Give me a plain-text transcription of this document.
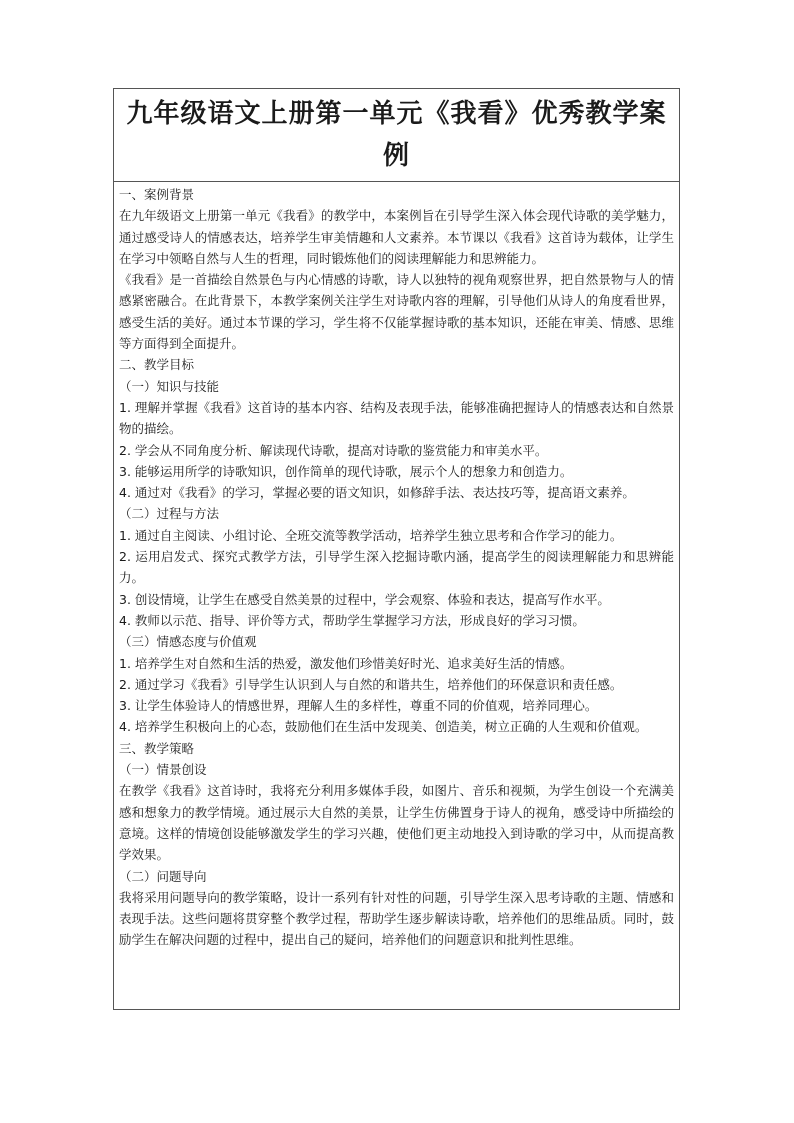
九年级语文上册第一单元《我看》优秀教学案例

一、案例背景

在九年级语文上册第一单元《我看》的教学中，本案例旨在引导学生深入体会现代诗歌的美学魅力，通过感受诗人的情感表达，培养学生审美情趣和人文素养。本节课以《我看》这首诗为载体，让学生在学习中领略自然与人生的哲理，同时锻炼他们的阅读理解能力和思辨能力。

《我看》是一首描绘自然景色与内心情感的诗歌，诗人以独特的视角观察世界，把自然景物与人的情感紧密融合。在此背景下，本教学案例关注学生对诗歌内容的理解，引导他们从诗人的角度看世界，感受生活的美好。通过本节课的学习，学生将不仅能掌握诗歌的基本知识，还能在审美、情感、思维等方面得到全面提升。

二、教学目标

（一）知识与技能

1. 理解并掌握《我看》这首诗的基本内容、结构及表现手法，能够准确把握诗人的情感表达和自然景物的描绘。

2. 学会从不同角度分析、解读现代诗歌，提高对诗歌的鉴赏能力和审美水平。

3. 能够运用所学的诗歌知识，创作简单的现代诗歌，展示个人的想象力和创造力。

4. 通过对《我看》的学习，掌握必要的语文知识，如修辞手法、表达技巧等，提高语文素养。

（二）过程与方法

1. 通过自主阅读、小组讨论、全班交流等教学活动，培养学生独立思考和合作学习的能力。

2. 运用启发式、探究式教学方法，引导学生深入挖掘诗歌内涵，提高学生的阅读理解能力和思辨能力。

3. 创设情境，让学生在感受自然美景的过程中，学会观察、体验和表达，提高写作水平。

4. 教师以示范、指导、评价等方式，帮助学生掌握学习方法，形成良好的学习习惯。

（三）情感态度与价值观

1. 培养学生对自然和生活的热爱，激发他们珍惜美好时光、追求美好生活的情感。

2. 通过学习《我看》引导学生认识到人与自然的和谐共生，培养他们的环保意识和责任感。

3. 让学生体验诗人的情感世界，理解人生的多样性，尊重不同的价值观，培养同理心。

4. 培养学生积极向上的心态，鼓励他们在生活中发现美、创造美，树立正确的人生观和价值观。

三、教学策略

（一）情景创设

在教学《我看》这首诗时，我将充分利用多媒体手段，如图片、音乐和视频，为学生创设一个充满美感和想象力的教学情境。通过展示大自然的美景，让学生仿佛置身于诗人的视角，感受诗中所描绘的意境。这样的情境创设能够激发学生的学习兴趣，使他们更主动地投入到诗歌的学习中，从而提高教学效果。

（二）问题导向

我将采用问题导向的教学策略，设计一系列有针对性的问题，引导学生深入思考诗歌的主题、情感和表现手法。这些问题将贯穿整个教学过程，帮助学生逐步解读诗歌，培养他们的思维品质。同时，鼓励学生在解决问题的过程中，提出自己的疑问，培养他们的问题意识和批判性思维。
